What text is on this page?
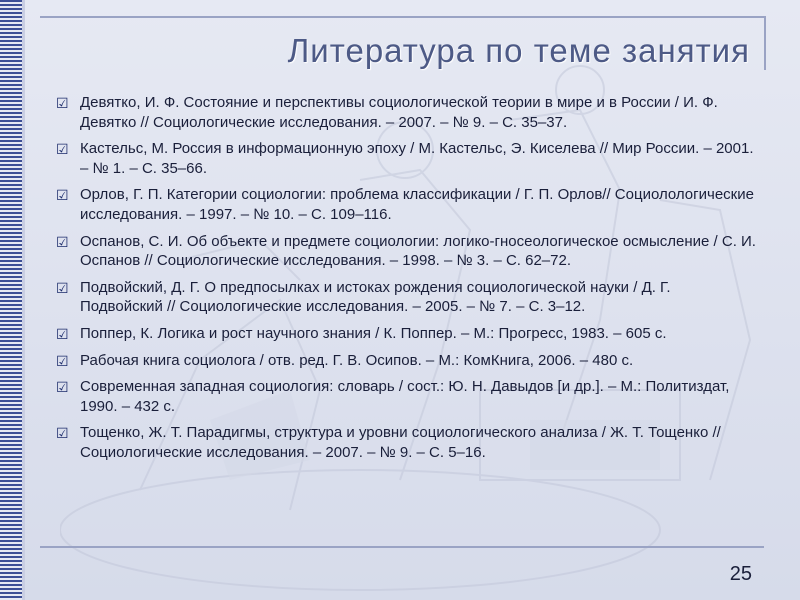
Литература по теме занятия
☑ Девятко, И. Ф. Состояние и перспективы социологической теории в мире и в России / И. Ф. Девятко // Социологические исследования. – 2007. – № 9. – С. 35–37.
☑ Кастельс, М. Россия в информационную эпоху / М. Кастельс, Э. Киселева // Мир России. – 2001. – № 1. – С. 35–66.
☑ Орлов, Г. П. Категории социологии: проблема классификации / Г. П. Орлов// Социолологические исследования. – 1997. – № 10. – С. 109–116.
☑ Оспанов, С. И. Об объекте и предмете социологии: логико-гносеологическое осмысление / С. И. Оспанов // Социологические исследования. – 1998. – № 3. – С. 62–72.
☑ Подвойский, Д. Г. О предпосылках и истоках рождения социологической науки / Д. Г. Подвойский // Социологические исследования. – 2005. – № 7. – С. 3–12.
☑ Поппер, К. Логика и рост научного знания / К. Поппер. – М.: Прогресс, 1983. – 605 с.
☑ Рабочая книга социолога / отв. ред. Г. В. Осипов. – М.: КомКнига, 2006. – 480 с.
☑ Современная западная социология: словарь / сост.: Ю. Н. Давыдов [и др.]. – М.: Политиздат, 1990. – 432 с.
☑ Тощенко, Ж. Т. Парадигмы, структура и уровни социологического анализа / Ж. Т. Тощенко // Социологические исследования. – 2007. – № 9. – С. 5–16.
25
